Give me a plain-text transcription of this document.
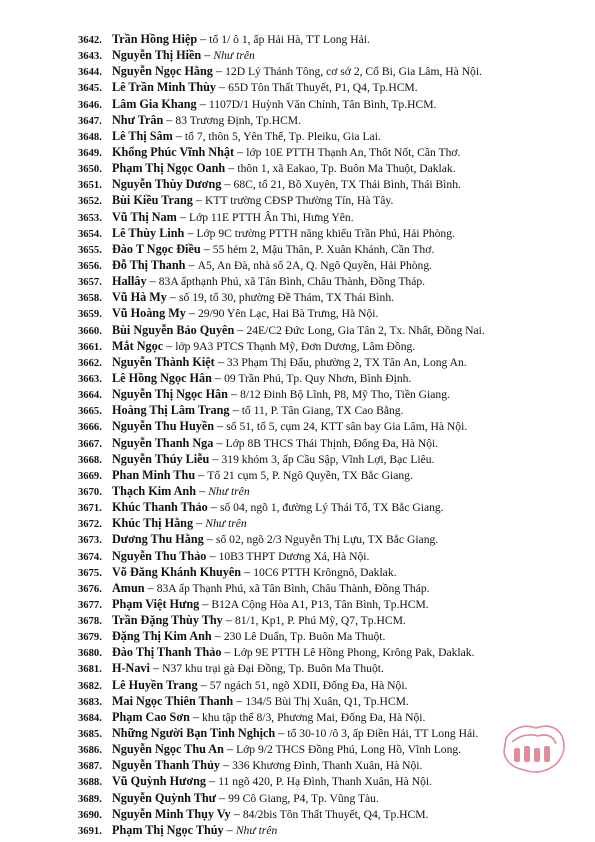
3642. Trần Hồng Hiệp – tổ 1/ ô 1, ấp Hải Hà, TT Long Hải.
3643. Nguyễn Thị Hiền – Như trên
3644. Nguyễn Ngọc Hằng – 12D Lý Thánh Tông, cơ sở 2, Cổ Bi, Gia Lâm, Hà Nội.
3645. Lê Trần Minh Thùy – 65D Tôn Thất Thuyết, P1, Q4, Tp.HCM.
3646. Lâm Gia Khang – 1107D/1 Huỳnh Văn Chính, Tân Bình, Tp.HCM.
3647. Như Trân – 83 Trương Định, Tp.HCM.
3648. Lê Thị Sâm – tổ 7, thôn 5, Yên Thế, Tp. Pleiku, Gia Lai.
3649. Khổng Phúc Vĩnh Nhật – lớp 10E PTTH Thạnh An, Thốt Nốt, Cần Thơ.
3650. Phạm Thị Ngọc Oanh – thôn 1, xã Eakao, Tp. Buôn Ma Thuột, Daklak.
3651. Nguyễn Thùy Dương – 68C, tổ 21, Bồ Xuyên, TX Thái Bình, Thái Bình.
3652. Bùi Kiều Trang – KTT trường CĐSP Thường Tín, Hà Tây.
3653. Vũ Thị Nam – Lớp 11E PTTH Ân Thi, Hưng Yên.
3654. Lê Thùy Linh – Lớp 9C trường PTTH năng khiếu Trần Phú, Hải Phòng.
3655. Đào T Ngọc Điều – 55 hẻm 2, Mậu Thân, P. Xuân Khánh, Cần Thơ.
3656. Đỗ Thị Thanh – A5, An Đà, nhà số 2A, Q. Ngô Quyền, Hải Phòng.
3657. Hallây – 83A ấpthạnh Phú, xã Tân Bình, Châu Thành, Đồng Tháp.
3658. Vũ Hà My – số 19, tổ 30, phường Đề Thám, TX Thái Bình.
3659. Vũ Hoàng My – 29/90 Yên Lạc, Hai Bà Trưng, Hà Nội.
3660. Bùi Nguyễn Bảo Quyên – 24E/C2 Đức Long, Gia Tân 2, Tx. Nhất, Đồng Nai.
3661. Mắt Ngọc – lớp 9A3 PTCS Thạnh Mỹ, Đơn Dương, Lâm Đồng.
3662. Nguyễn Thành Kiệt – 33 Phạm Thị Đẩu, phường 2, TX Tân An, Long An.
3663. Lê Hồng Ngọc Hân – 09 Trần Phú, Tp. Quy Nhơn, Bình Định.
3664. Nguyễn Thị Ngọc Hân – 8/12 Đinh Bộ Lĩnh, P8, Mỹ Tho, Tiền Giang.
3665. Hoàng Thị Lâm Trang – tổ 11, P. Tân Giang, TX Cao Bằng.
3666. Nguyễn Thu Huyền – số 51, tổ 5, cụm 24, KTT sân bay Gia Lâm, Hà Nội.
3667. Nguyễn Thanh Nga – Lớp 8B THCS Thái Thịnh, Đống Đa, Hà Nội.
3668. Nguyễn Thúy Liễu – 319 khóm 3, ấp Cầu Sập, Vĩnh Lợi, Bạc Liêu.
3669. Phan Minh Thu – Tổ 21 cụm 5, P. Ngô Quyền, TX Bắc Giang.
3670. Thạch Kim Anh – Như trên
3671. Khúc Thanh Thảo – số 04, ngõ 1, đường Lý Thái Tổ, TX Bắc Giang.
3672. Khúc Thị Hằng – Như trên
3673. Dương Thu Hằng – số 02, ngõ 2/3 Nguyễn Thị Lựu, TX Bắc Giang.
3674. Nguyễn Thu Thảo – 10B3 THPT Dương Xá, Hà Nội.
3675. Võ Đăng Khánh Khuyên – 10C6 PTTH Krôngnô, Daklak.
3676. Amun – 83A ấp Thạnh Phú, xã Tân Bình, Châu Thành, Đồng Tháp.
3677. Phạm Việt Hưng – B12A Cộng Hòa A1, P13, Tân Bình, Tp.HCM.
3678. Trần Đặng Thùy Thy – 81/1, Kp1, P. Phú Mỹ, Q7, Tp.HCM.
3679. Đặng Thị Kim Anh – 230 Lê Duẩn, Tp. Buôn Ma Thuột.
3680. Đào Thị Thanh Thảo – Lớp 9E PTTH Lê Hồng Phong, Krông Pak, Daklak.
3681. H-Navi – N37 khu trại gà Đại Đồng, Tp. Buôn Ma Thuột.
3682. Lê Huyền Trang – 57 ngách 51, ngõ XDII, Đống Đa, Hà Nội.
3683. Mai Ngọc Thiên Thanh – 134/5 Bùi Thị Xuân, Q1, Tp.HCM.
3684. Phạm Cao Sơn – khu tập thể 8/3, Phương Mai, Đống Đa, Hà Nội.
3685. Những Người Bạn Tinh Nghịch – tổ 30-10 /ô 3, ấp Điền Hải, TT Long Hải.
3686. Nguyễn Ngọc Thu An – Lớp 9/2 THCS Đồng Phú, Long Hồ, Vĩnh Long.
3687. Nguyễn Thanh Thủy – 336 Khương Đình, Thanh Xuân, Hà Nội.
3688. Vũ Quỳnh Hương – 11 ngõ 420, P. Hạ Đình, Thanh Xuân, Hà Nội.
3689. Nguyễn Quỳnh Thư – 99 Cô Giang, P4, Tp. Vũng Tàu.
3690. Nguyễn Minh Thụy Vy – 84/2bis Tôn Thất Thuyết, Q4, Tp.HCM.
3691. Phạm Thị Ngọc Thúy – Như trên
